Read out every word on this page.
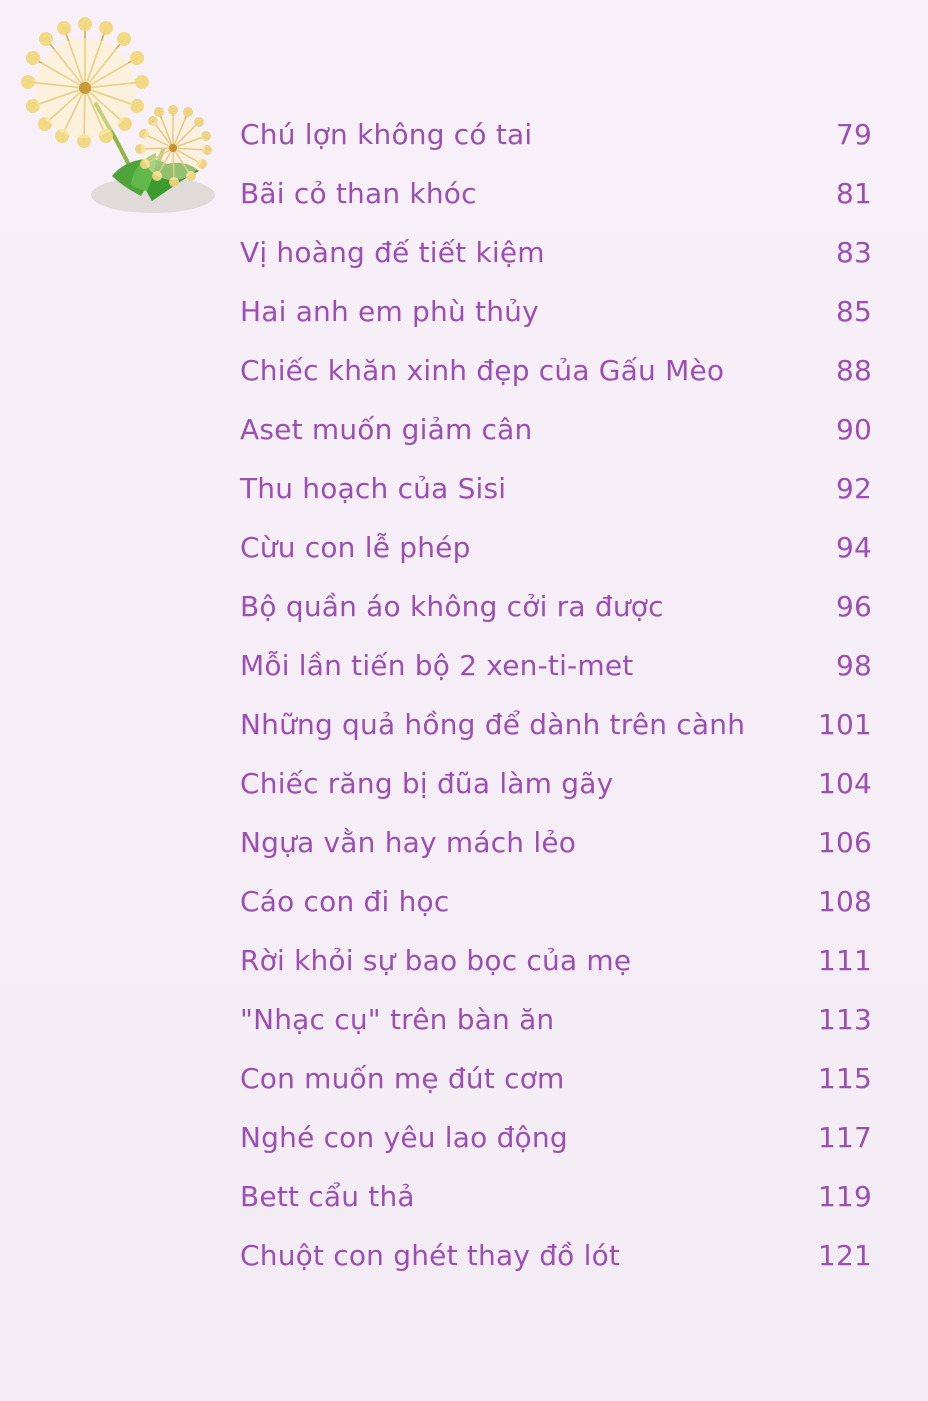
Chú lợn không có tai	79
Bãi cỏ than khóc	81
Vị hoàng đế tiết kiệm	83
Hai anh em phù thủy	85
Chiếc khăn xinh đẹp của Gấu Mèo	88
Aset muốn giảm cân	90
Thu hoạch của Sisi	92
Cừu con lễ phép	94
Bộ quần áo không cởi ra được	96
Mỗi lần tiến bộ 2 xen-ti-met	98
Những quả hồng để dành trên cành	101
Chiếc răng bị đũa làm gãy	104
Ngựa vằn hay mách lẻo	106
Cáo con đi học	108
Rời khỏi sự bao bọc của mẹ	111
"Nhạc cụ" trên bàn ăn	113
Con muốn mẹ đút cơm	115
Nghé con yêu lao động	117
Bett cẩu thả	119
Chuột con ghét thay đồ lót	121
